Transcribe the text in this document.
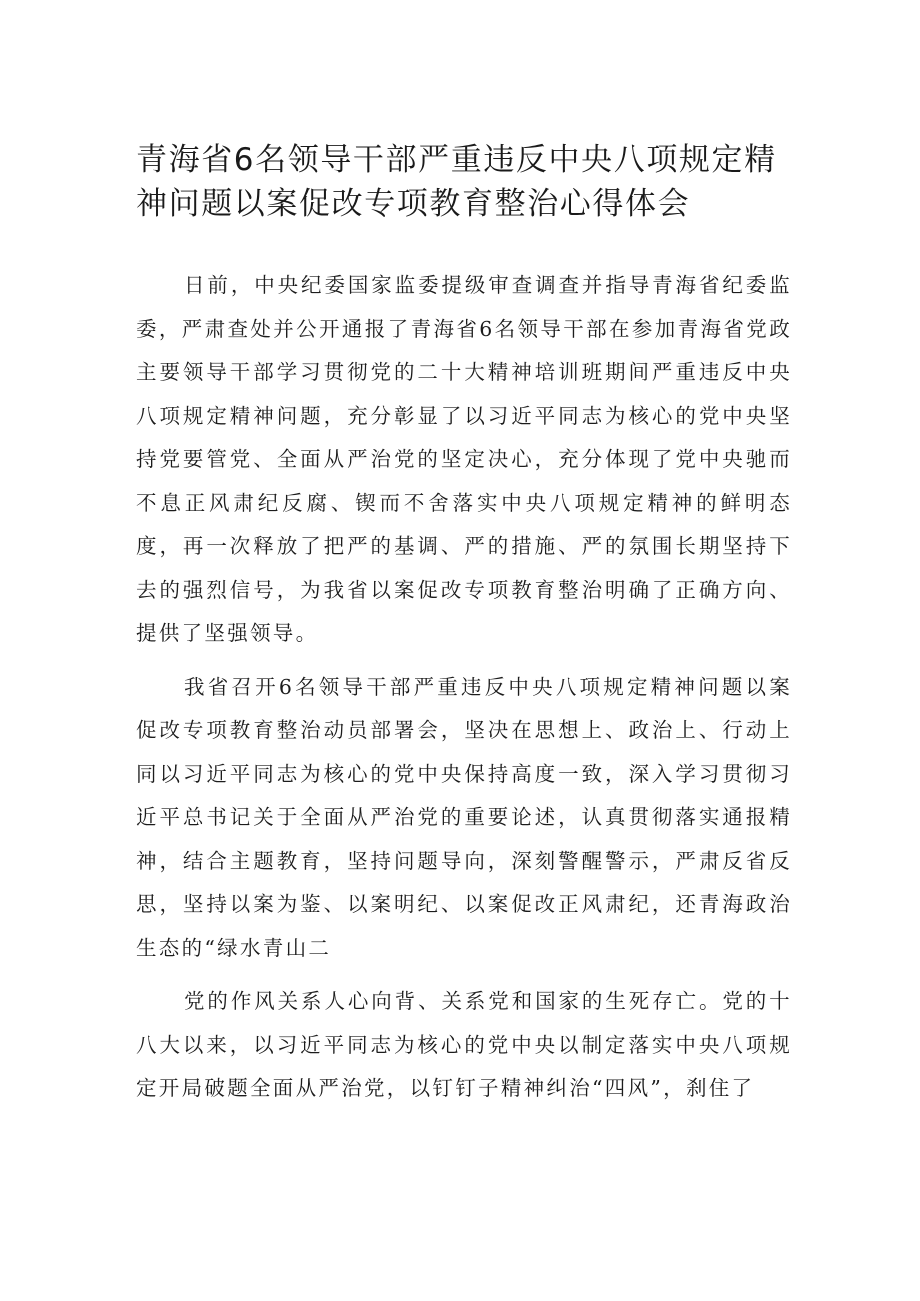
青海省6名领导干部严重违反中央八项规定精神问题以案促改专项教育整治心得体会

日前，中央纪委国家监委提级审查调查并指导青海省纪委监委，严肃查处并公开通报了青海省6名领导干部在参加青海省党政主要领导干部学习贯彻党的二十大精神培训班期间严重违反中央八项规定精神问题，充分彰显了以习近平同志为核心的党中央坚持党要管党、全面从严治党的坚定决心，充分体现了党中央驰而不息正风肃纪反腐、锲而不舍落实中央八项规定精神的鲜明态度，再一次释放了把严的基调、严的措施、严的氛围长期坚持下去的强烈信号，为我省以案促改专项教育整治明确了正确方向、提供了坚强领导。

我省召开6名领导干部严重违反中央八项规定精神问题以案促改专项教育整治动员部署会，坚决在思想上、政治上、行动上同以习近平同志为核心的党中央保持高度一致，深入学习贯彻习近平总书记关于全面从严治党的重要论述，认真贯彻落实通报精神，结合主题教育，坚持问题导向，深刻警醒警示，严肃反省反思，坚持以案为鉴、以案明纪、以案促改正风肃纪，还青海政治生态的“绿水青山二

党的作风关系人心向背、关系党和国家的生死存亡。党的十八大以来，以习近平同志为核心的党中央以制定落实中央八项规定开局破题全面从严治党，以钉钉子精神纠治“四风”，刹住了
